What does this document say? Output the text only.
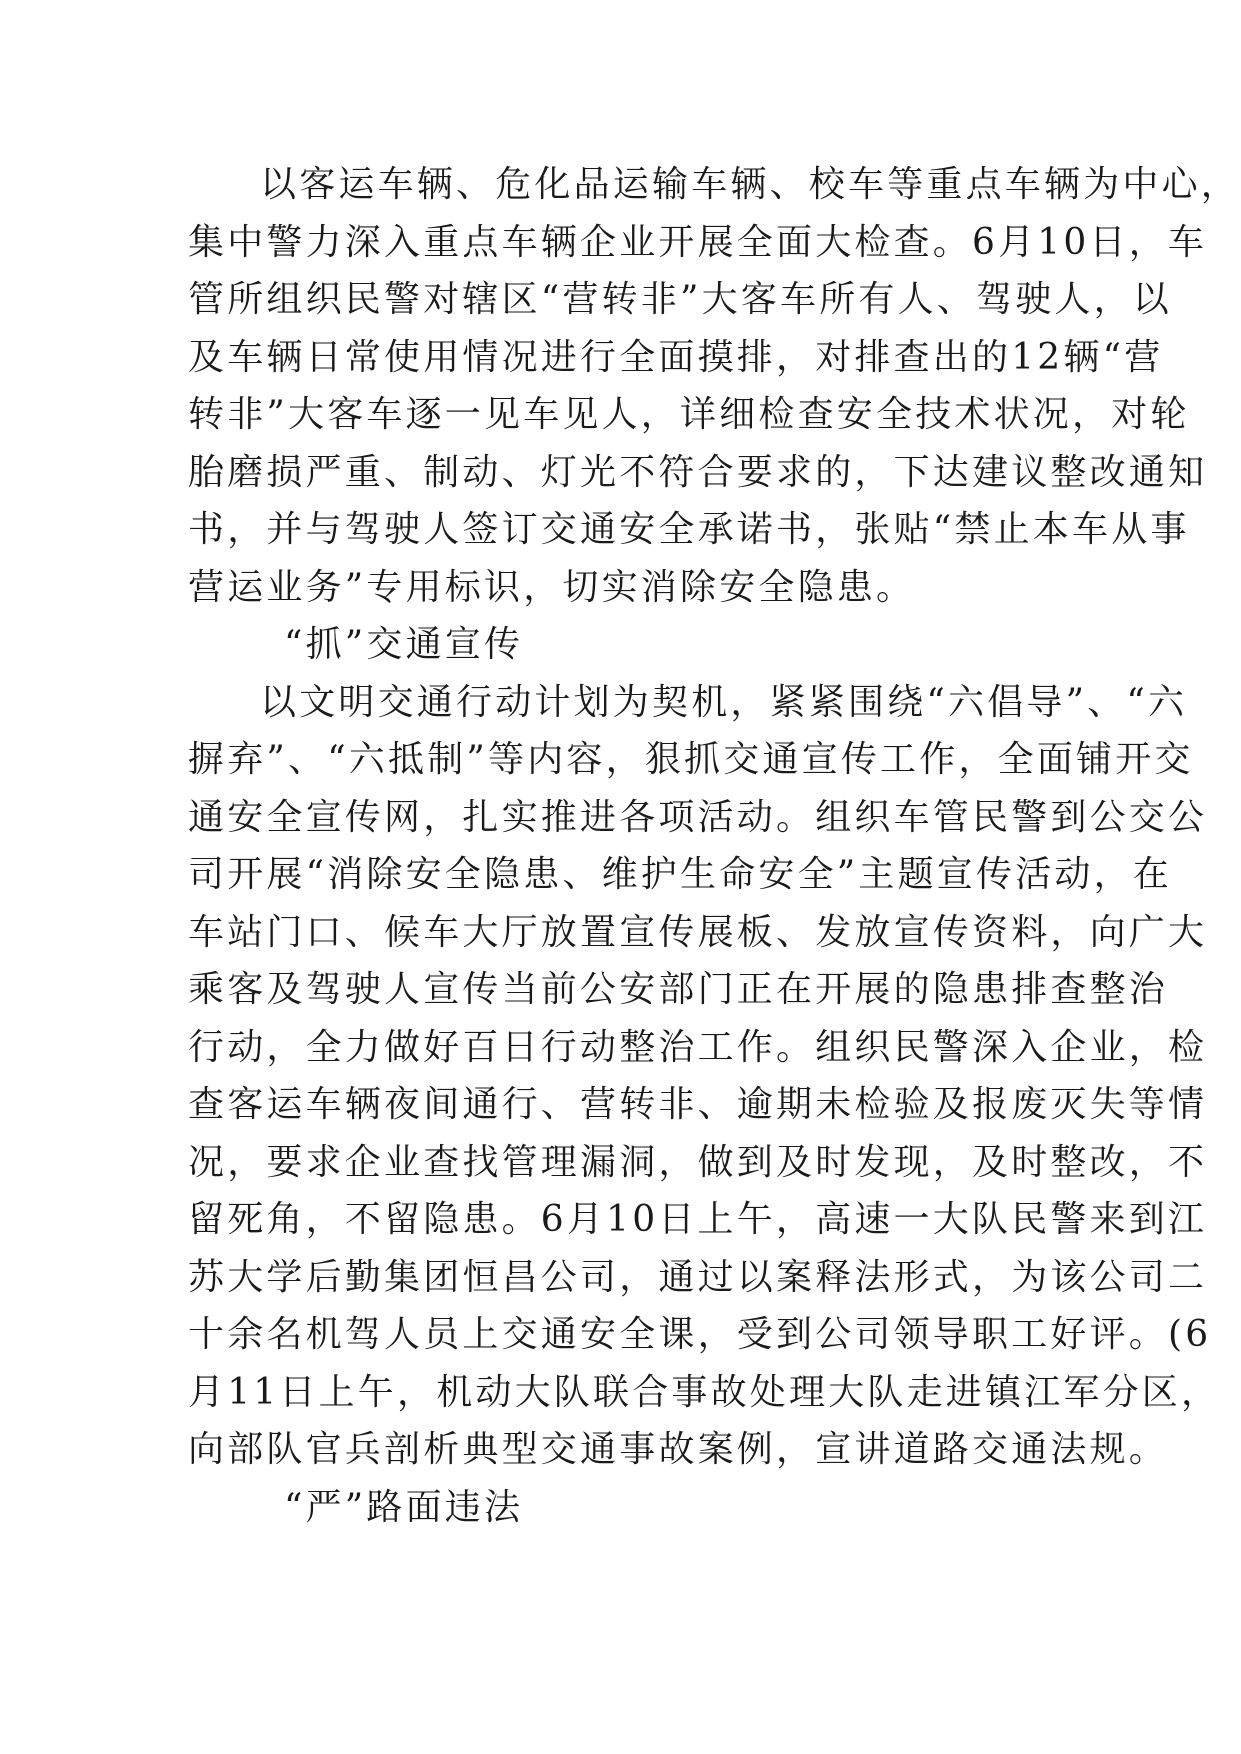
以客运车辆、危化品运输车辆、校车等重点车辆为中心，
集中警力深入重点车辆企业开展全面大检查。6月10日，车
管所组织民警对辖区“营转非”大客车所有人、驾驶人，以
及车辆日常使用情况进行全面摸排，对排查出的12辆“营
转非”大客车逐一见车见人，详细检查安全技术状况，对轮
胎磨损严重、制动、灯光不符合要求的，下达建议整改通知
书，并与驾驶人签订交通安全承诺书，张贴“禁止本车从事
营运业务”专用标识，切实消除安全隐患。
“抓”交通宣传
以文明交通行动计划为契机，紧紧围绕“六倡导”、“六
摒弃”、“六抵制”等内容，狠抓交通宣传工作，全面铺开交
通安全宣传网，扎实推进各项活动。组织车管民警到公交公
司开展“消除安全隐患、维护生命安全”主题宣传活动，在
车站门口、候车大厅放置宣传展板、发放宣传资料，向广大
乘客及驾驶人宣传当前公安部门正在开展的隐患排查整治
行动，全力做好百日行动整治工作。组织民警深入企业，检
查客运车辆夜间通行、营转非、逾期未检验及报废灭失等情
况，要求企业查找管理漏洞，做到及时发现，及时整改，不
留死角，不留隐患。6月10日上午，高速一大队民警来到江
苏大学后勤集团恒昌公司，通过以案释法形式，为该公司二
十余名机驾人员上交通安全课，受到公司领导职工好评。(6
月11日上午，机动大队联合事故处理大队走进镇江军分区，
向部队官兵剖析典型交通事故案例，宣讲道路交通法规。
“严”路面违法
